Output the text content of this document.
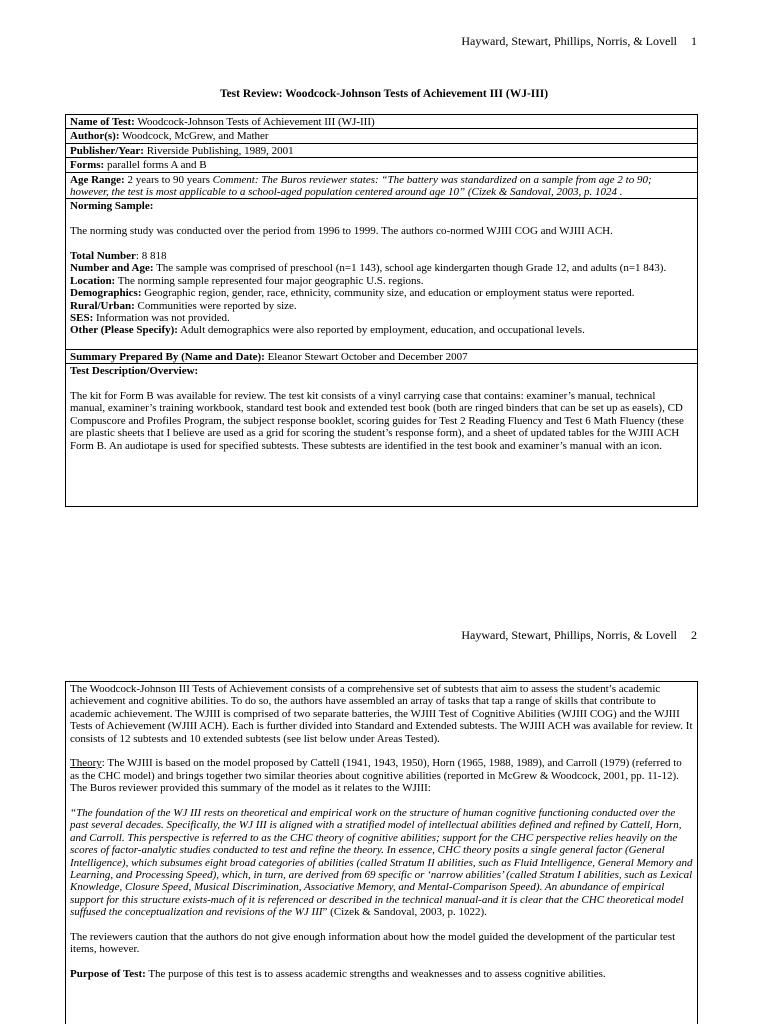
Hayward, Stewart, Phillips, Norris, & Lovell 1
Test Review: Woodcock-Johnson Tests of Achievement III (WJ-III)
Name of Test: Woodcock-Johnson Tests of Achievement III (WJ-III)
Author(s): Woodcock, McGrew, and Mather
Publisher/Year: Riverside Publishing, 1989, 2001
Forms: parallel forms A and B
Age Range: 2 years to 90 years Comment: The Buros reviewer states: “The battery was standardized on a sample from age 2 to 90; however, the test is most applicable to a school-aged population centered around age 10” (Cizek & Sandoval, 2003, p. 1024 .

Norming Sample:

The norming study was conducted over the period from 1996 to 1999. The authors co-normed WJIII COG and WJIII ACH.

Total Number: 8 818

Number and Age: The sample was comprised of preschool (n=1 143), school age kindergarten though Grade 12, and adults (n=1 843).

Location: The norming sample represented four major geographic U.S. regions.

Demographics: Geographic region, gender, race, ethnicity, community size, and education or employment status were reported.

Rural/Urban: Communities were reported by size.

SES: Information was not provided.

Other (Please Specify): Adult demographics were also reported by employment, education, and occupational levels.

Summary Prepared By (Name and Date): Eleanor Stewart October and December 2007

Test Description/Overview:

The kit for Form B was available for review. The test kit consists of a vinyl carrying case that contains: examiner’s manual, technical manual, examiner’s training workbook, standard test book and extended test book (both are ringed binders that can be set up as easels), CD Compuscore and Profiles Program, the subject response booklet, scoring guides for Test 2 Reading Fluency and Test 6 Math Fluency (these are plastic sheets that I believe are used as a grid for scoring the student’s response form), and a sheet of updated tables for the WJIII ACH Form B. An audiotape is used for specified subtests. These subtests are identified in the test book and examiner’s manual with an icon.

Hayward, Stewart, Phillips, Norris, & Lovell 2

The Woodcock-Johnson III Tests of Achievement consists of a comprehensive set of subtests that aim to assess the student’s academic achievement and cognitive abilities. To do so, the authors have assembled an array of tasks that tap a range of skills that contribute to academic achievement. The WJIII is comprised of two separate batteries, the WJIII Test of Cognitive Abilities (WJIII COG) and the WJIII Tests of Achievement (WJIII ACH). Each is further divided into Standard and Extended subtests. The WJIII ACH was available for review. It consists of 12 subtests and 10 extended subtests (see list below under Areas Tested).

Theory: The WJIII is based on the model proposed by Cattell (1941, 1943, 1950), Horn (1965, 1988, 1989), and Carroll (1979) (referred to as the CHC model) and brings together two similar theories about cognitive abilities (reported in McGrew & Woodcock, 2001, pp. 11-12). The Buros reviewer provided this summary of the model as it relates to the WJIII:

“The foundation of the WJ III rests on theoretical and empirical work on the structure of human cognitive functioning conducted over the past several decades. Specifically, the WJ III is aligned with a stratified model of intellectual abilities defined and refined by Cattell, Horn, and Carroll. This perspective is referred to as the CHC theory of cognitive abilities; support for the CHC perspective relies heavily on the scores of factor-analytic studies conducted to test and refine the theory. In essence, CHC theory posits a single general factor (General Intelligence), which subsumes eight broad categories of abilities (called Stratum II abilities, such as Fluid Intelligence, General Memory and Learning, and Processing Speed), which, in turn, are derived from 69 specific or ‘narrow abilities’ (called Stratum I abilities, such as Lexical Knowledge, Closure Speed, Musical Discrimination, Associative Memory, and Mental-Comparison Speed). An abundance of empirical support for this structure exists-much of it is referenced or described in the technical manual-and it is clear that the CHC theoretical model suffused the conceptualization and revisions of the WJ III” (Cizek & Sandoval, 2003, p. 1022).

The reviewers caution that the authors do not give enough information about how the model guided the development of the particular test items, however.

Purpose of Test: The purpose of this test is to assess academic strengths and weaknesses and to assess cognitive abilities.
